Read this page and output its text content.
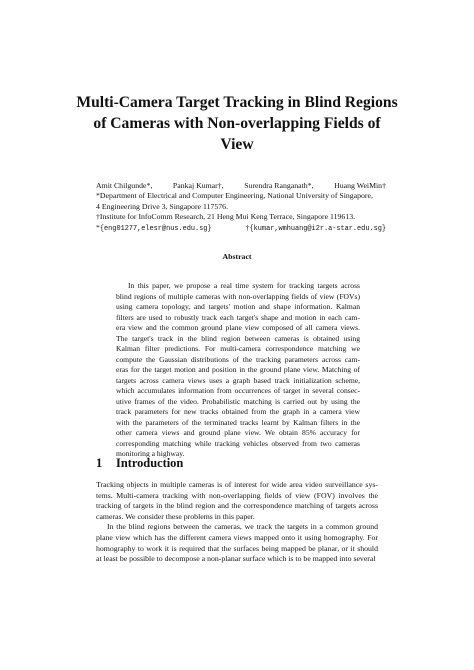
Multi-Camera Target Tracking in Blind Regions
of Cameras with Non-overlapping Fields of
View
Amit Chilgunde*,	Pankaj Kumar†,	Surendra Ranganath*,	Huang WeiMin†
*Department of Electrical and Computer Engineering, National University of Singapore,
4 Engineering Drive 3, Singapore 117576.
†Institute for InfoComm Research, 21 Heng Mui Keng Terrace, Singapore 119613.
*{eng01277,elesr@nus.edu.sg}	†{kumar,wmhuang@i2r.a-star.edu.sg}
Abstract
In this paper, we propose a real time system for tracking targets across
blind regions of multiple cameras with non-overlapping fields of view (FOVs)
using camera topology, and targets' motion and shape information. Kalman
filters are used to robustly track each target's shape and motion in each cam-
era view and the common ground plane view composed of all camera views.
The target's track in the blind region between cameras is obtained using
Kalman filter predictions. For multi-camera correspondence matching we
compute the Gaussian distributions of the tracking parameters across cam-
eras for the target motion and position in the ground plane view. Matching of
targets across camera views uses a graph based track initialization scheme,
which accumulates information from occurrences of target in several consec-
utive frames of the video. Probabilistic matching is carried out by using the
track parameters for new tracks obtained from the graph in a camera view
with the parameters of the terminated tracks learnt by Kalman filters in the
other camera views and ground plane view. We obtain 85% accuracy for
corresponding matching while tracking vehicles observed from two cameras
monitoring a highway.
1 Introduction
Tracking objects in multiple cameras is of interest for wide area video surveillance sys-
tems. Multi-camera tracking with non-overlapping fields of view (FOV) involves the
tracking of targets in the blind region and the correspondence matching of targets across
cameras. We consider these problems in this paper.
In the blind regions between the cameras, we track the targets in a common ground
plane view which has the different camera views mapped onto it using homography. For
homography to work it is required that the surfaces being mapped be planar, or it should
at least be possible to decompose a non-planar surface which is to be mapped into several
